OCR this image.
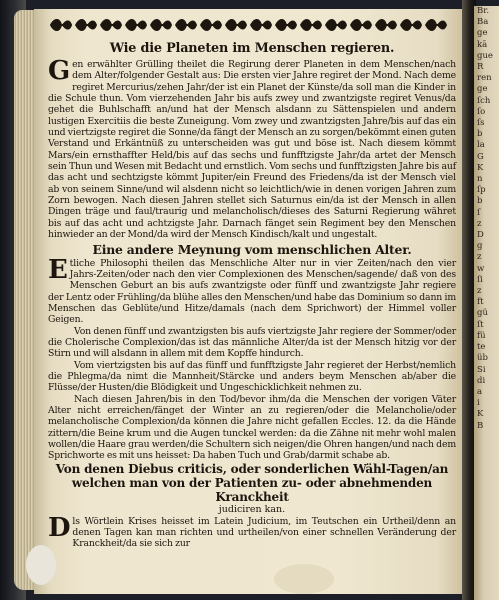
Wie die Planeten im Menschen regieren.

Gen erwählter Grülling theilet die Regirung derer Planeten in dem Menschen/nach dem Alter/folgender Gestalt aus: Die ersten vier Jahre regiret der Mond. Nach deme regiret Mercurius/zehen Jahr/der ist ein Planet der Künste/da soll man die Kinder in die Schule thun. Vom vierzehenden Jahr bis aufs zwey und zwantzigste regiret Venus/da gehet die Buhlschafft an/und hat der Mensch alsdann zu Sättenspielen und andern lustigen Exercitiis die beste Zuneigung. Vom zwey und zwantzigsten Jahre/bis auf das ein und viertzigste regiret die Sonne/da fängt der Mensch an zu sorgen/bekömmt einen guten Verstand und Erkäntnüß zu unterscheiden was gut und böse ist. Nach diesem kömmt Mars/ein ernsthaffter Held/bis auf das sechs und funfftzigste Jahr/da artet der Mensch sein Thun und Wesen mit Bedacht und ernstlich. Vom sechs und funfftzigsten Jahre bis auf das acht und sechtzigste kömmt Jupiter/ein Freund des Friedens/da ist der Mensch viel ab von seinem Sinne/und wil alsdenn nicht so leichtlich/wie in denen vorigen Jahren zum Zorn bewogen. Nach diesen Jahren stellet sich Saturnus ein/da ist der Mensch in allen Dingen träge und faul/traurig und melancholisch/dieses des Saturni Regierung währet bis auf das acht und achtzigste Jahr. Darnach fänget sein Regiment bey den Menschen hinwieder an der Mond/da wird der Mensch Kindisch/kalt und ungestalt.

Eine andere Meynung vom menschlichen Alter.

Etliche Philosophi theilen das Menschliche Alter nur in vier Zeiten/nach den vier Jahrs-Zeiten/oder nach den vier Complexionen des Menschen/sagende/ daß von des Menschen Geburt an bis aufs zwantzigste oder fünff und zwantzigste Jahr regiere der Lentz oder Frühling/da blühe alles den Menschen/und habe das Dominium so dann im Menschen das Geblüte/und Hitze/damals (nach dem Sprichwort) der Himmel voller Geigen.

Von denen fünff und zwantzigsten bis aufs viertzigste Jahr regiere der Sommer/oder die Cholerische Complexion/das ist das männliche Alter/da ist der Mensch hitzig vor der Stirn und will alsdann in allem mit dem Kopffe hindurch.

Vom viertzigsten bis auf das fünff und funfftzigste Jahr regieret der Herbst/nemlich die Phlegma/da nimt die Mannheit/Stärcke und anders beym Menschen ab/aber die Flüsse/der Husten/die Blödigkeit und Ungeschicklichkeit nehmen zu.

Nach diesen Jahren/bis in den Tod/bevor ihm/da die Menschen der vorigen Väter Alter nicht erreichen/fänget der Winter an zu regieren/oder die Melancholie/oder melancholische Complexion/da können die Jahre nicht gefallen Eccles. 12. da die Hände zittern/die Beine krum und die Augen tunckel werden: da die Zähne nit mehr wohl malen wollen/die Haare grau werden/die Schultern sich neigen/die Ohren hangen/und nach dem Sprichworte es mit uns heisset: Da haben Tuch und Grab/darmit schabe ab.

Von denen Diebus criticis, oder sonderlichen Wähl-Tagen/an welchen man von der Patienten zu- oder abnehmenden Kranckheit
judiciren kan.

Dls Wörtlein Krises heisset im Latein Judicium, im Teutschen ein Urtheil/denn an denen Tagen kan man richten und urtheilen/von einer schnellen Veränderung der Kranckheit/da sie sich zur

Br.
Ba
ge
kā
gue
R
ren
ge
ſch
ſo
ſs
b
la
G
K
n
ſp
b
ſ
z
D
g
z
w
ſi
z
ft
gü
ſt
fü
te
üb
Si
di
a
i
K
B
